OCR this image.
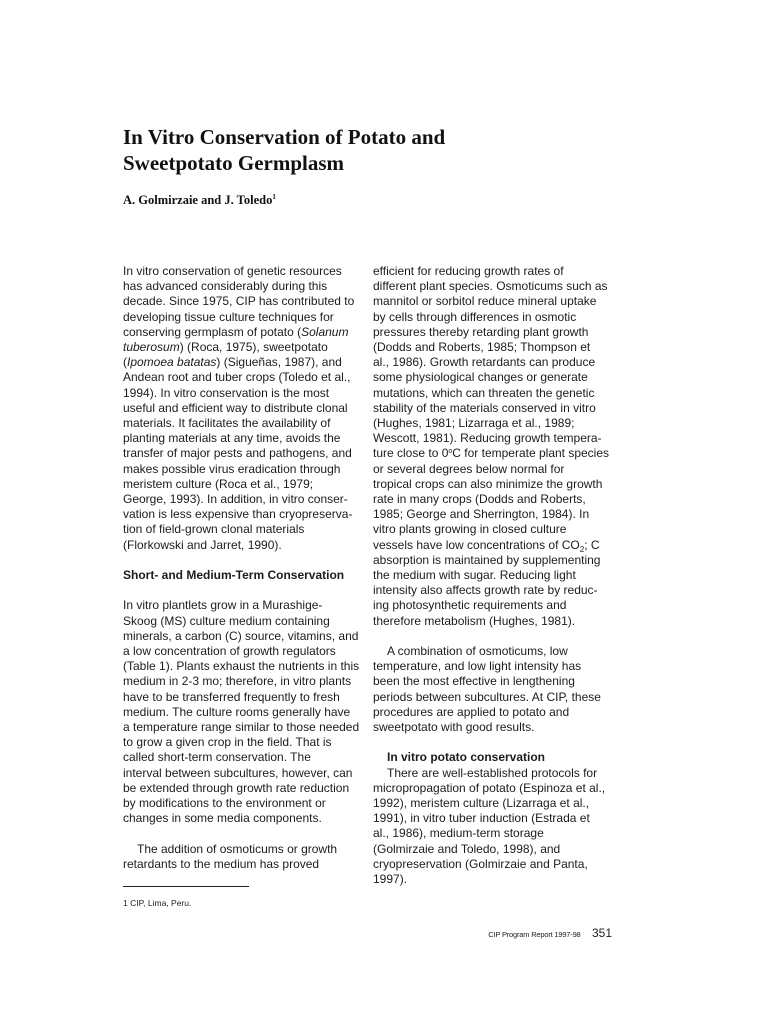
In Vitro Conservation of Potato and
Sweetpotato Germplasm
A. Golmirzaie and J. Toledo$^1$

In vitro conservation of genetic resources

has advanced considerably during this

decade. Since 1975, CIP has contributed to

developing tissue culture techniques for

conserving germplasm of potato (Solanum

tuberosum) (Roca, 1975), sweetpotato

(Ipomoea batatas) (Sigueñas, 1987), and

Andean root and tuber crops (Toledo et al.,

1994). In vitro conservation is the most

useful and efficient way to distribute clonal

materials. It facilitates the availability of

planting materials at any time, avoids the

transfer of major pests and pathogens, and

makes possible virus eradication through

meristem culture (Roca et al., 1979;

George, 1993). In addition, in vitro conser-

vation is less expensive than cryopreserva-

tion of field-grown clonal materials

(Florkowski and Jarret, 1990).

Short- and Medium-Term Conservation

In vitro plantlets grow in a Murashige-

Skoog (MS) culture medium containing

minerals, a carbon (C) source, vitamins, and

a low concentration of growth regulators

(Table 1). Plants exhaust the nutrients in this

medium in 2-3 mo; therefore, in vitro plants

have to be transferred frequently to fresh

medium. The culture rooms generally have

a temperature range similar to those needed

to grow a given crop in the field. That is

called short-term conservation. The

interval between subcultures, however, can

be extended through growth rate reduction

by modifications to the environment or

changes in some media components.

The addition of osmoticums or growth

retardants to the medium has proved

efficient for reducing growth rates of

different plant species. Osmoticums such as

mannitol or sorbitol reduce mineral uptake

by cells through differences in osmotic

pressures thereby retarding plant growth

(Dodds and Roberts, 1985; Thompson et

al., 1986). Growth retardants can produce

some physiological changes or generate

mutations, which can threaten the genetic

stability of the materials conserved in vitro

(Hughes, 1981; Lizarraga et al., 1989;

Wescott, 1981). Reducing growth tempera-

ture close to 0$^o$C for temperate plant species

or several degrees below normal for

tropical crops can also minimize the growth

rate in many crops (Dodds and Roberts,

1985; George and Sherrington, 1984). In

vitro plants growing in closed culture

vessels have low concentrations of $CO_2$; C

absorption is maintained by supplementing

the medium with sugar. Reducing light

intensity also affects growth rate by reduc-

ing photosynthetic requirements and

therefore metabolism (Hughes, 1981).

A combination of osmoticums, low

temperature, and low light intensity has

been the most effective in lengthening

periods between subcultures. At CIP, these

procedures are applied to potato and

sweetpotato with good results.

In vitro potato conservation

There are well-established protocols for

micropropagation of potato (Espinoza et al.,

1992), meristem culture (Lizarraga et al.,

1991), in vitro tuber induction (Estrada et

al., 1986), medium-term storage

(Golmirzaie and Toledo, 1998), and

cryopreservation (Golmirzaie and Panta,

1997).

1 CIP, Lima, Peru.
CIP Program Report 1997-98 351
